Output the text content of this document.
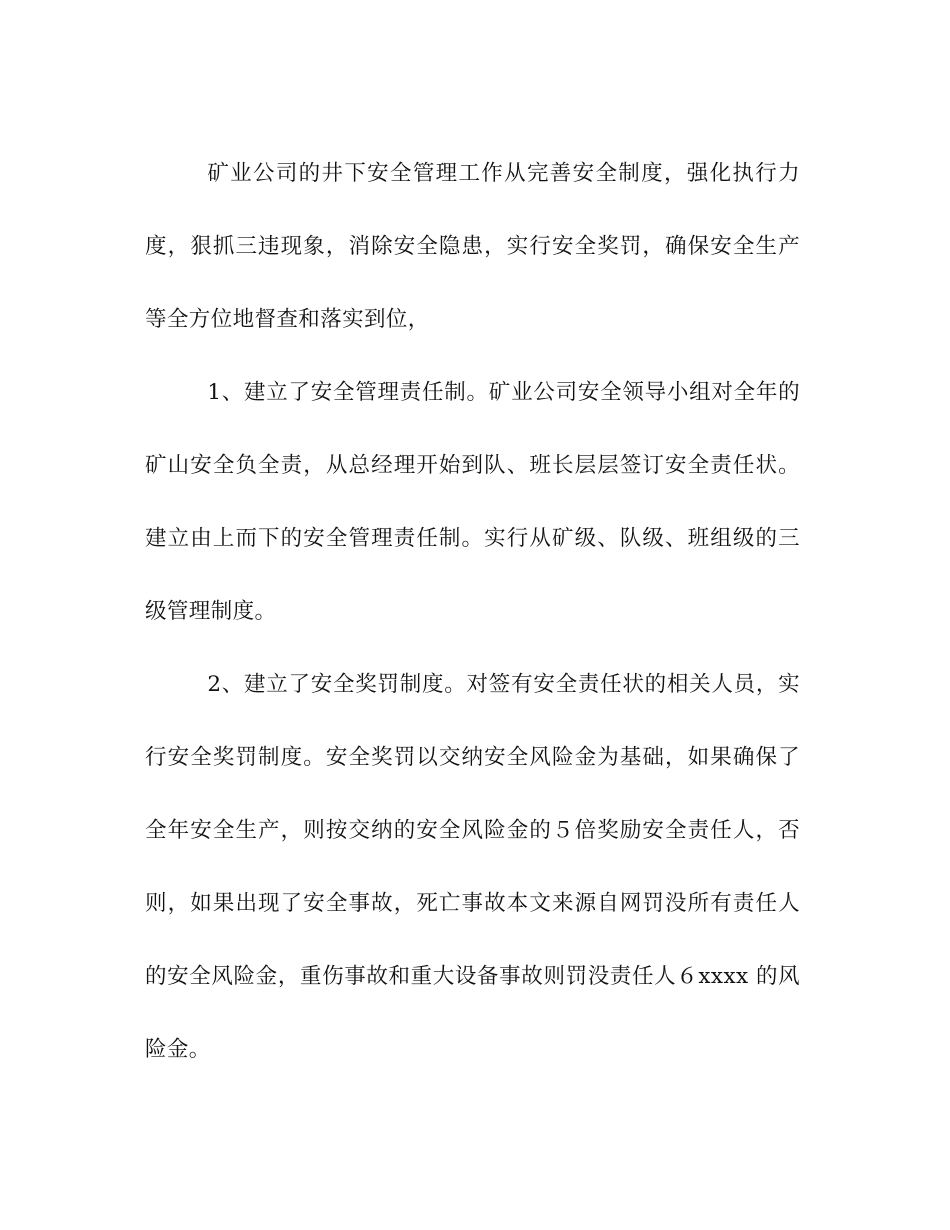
矿业公司的井下安全管理工作从完善安全制度，强化执行力度，狠抓三违现象，消除安全隐患，实行安全奖罚，确保安全生产等全方位地督查和落实到位，

1、建立了安全管理责任制。矿业公司安全领导小组对全年的矿山安全负全责，从总经理开始到队、班长层层签订安全责任状。建立由上而下的安全管理责任制。实行从矿级、队级、班组级的三级管理制度。

2、建立了安全奖罚制度。对签有安全责任状的相关人员，实行安全奖罚制度。安全奖罚以交纳安全风险金为基础，如果确保了全年安全生产，则按交纳的安全风险金的５倍奖励安全责任人，否则，如果出现了安全事故，死亡事故本文来源自网罚没所有责任人的安全风险金，重伤事故和重大设备事故则罚没责任人６xxxx 的风险金。
